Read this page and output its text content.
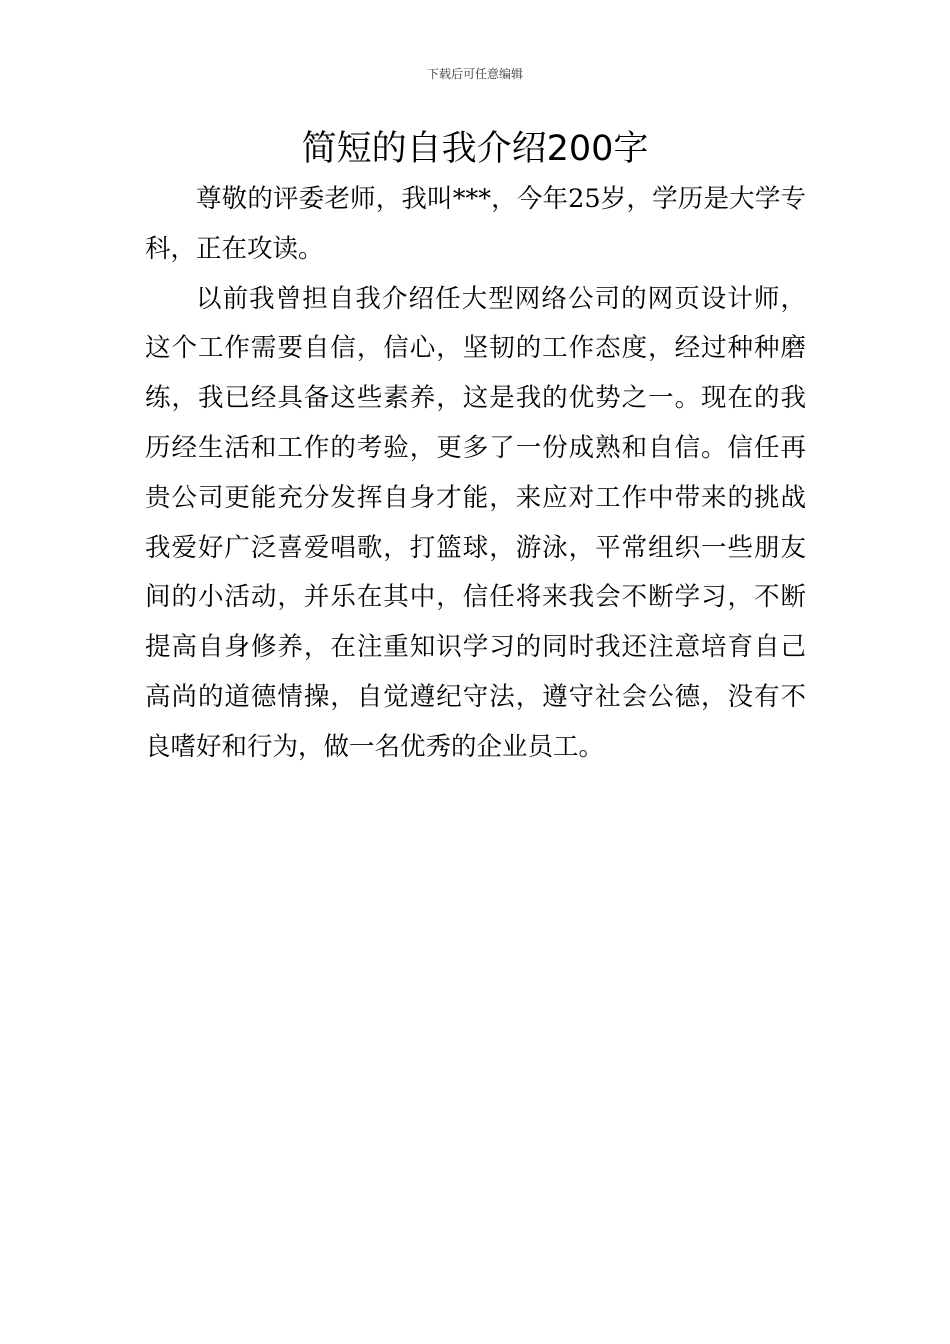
下载后可任意编辑
简短的自我介绍200字

尊敬的评委老师，我叫***，今年25岁，学历是大学专科，正在攻读。

以前我曾担自我介绍任大型网络公司的网页设计师，这个工作需要自信，信心，坚韧的工作态度，经过种种磨练，我已经具备这些素养，这是我的优势之一。现在的我历经生活和工作的考验，更多了一份成熟和自信。信任再贵公司更能充分发挥自身才能，来应对工作中带来的挑战我爱好广泛喜爱唱歌，打篮球，游泳，平常组织一些朋友间的小活动，并乐在其中，信任将来我会不断学习，不断提高自身修养，在注重知识学习的同时我还注意培育自己高尚的道德情操，自觉遵纪守法，遵守社会公德，没有不良嗜好和行为，做一名优秀的企业员工。
